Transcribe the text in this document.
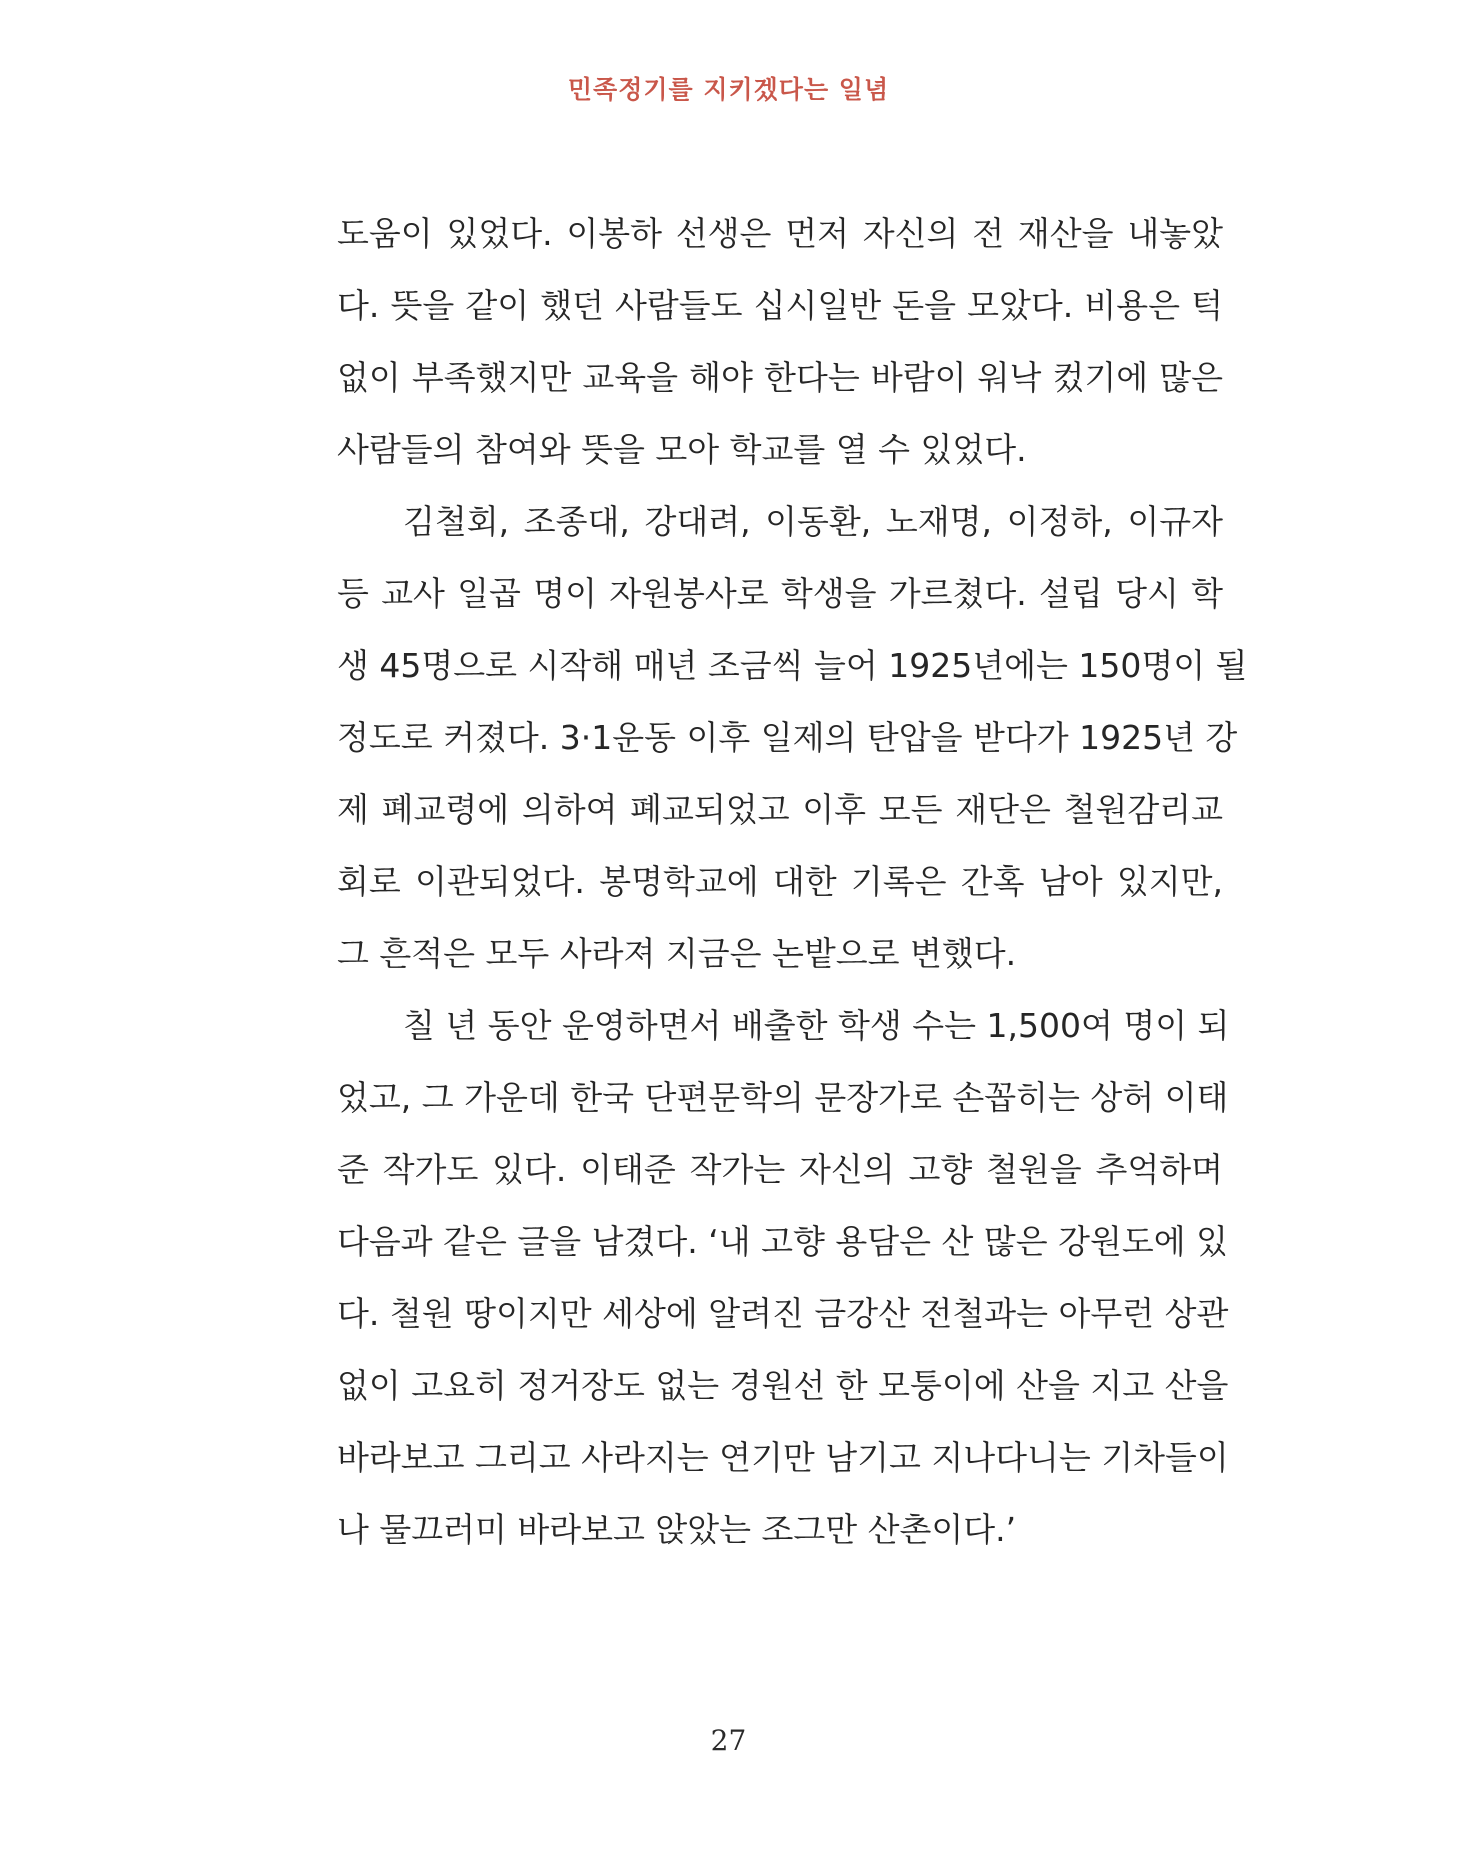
민족정기를 지키겠다는 일념
도움이 있었다. 이봉하 선생은 먼저 자신의 전 재산을 내놓았
다. 뜻을 같이 했던 사람들도 십시일반 돈을 모았다. 비용은 턱
없이 부족했지만 교육을 해야 한다는 바람이 워낙 컸기에 많은
사람들의 참여와 뜻을 모아 학교를 열 수 있었다.
김철회, 조종대, 강대려, 이동환, 노재명, 이정하, 이규자
등 교사 일곱 명이 자원봉사로 학생을 가르쳤다. 설립 당시 학
생 45명으로 시작해 매년 조금씩 늘어 1925년에는 150명이 될
정도로 커졌다. 3·1운동 이후 일제의 탄압을 받다가 1925년 강
제 폐교령에 의하여 폐교되었고 이후 모든 재단은 철원감리교
회로 이관되었다. 봉명학교에 대한 기록은 간혹 남아 있지만,
그 흔적은 모두 사라져 지금은 논밭으로 변했다.
칠 년 동안 운영하면서 배출한 학생 수는 1,500여 명이 되
었고, 그 가운데 한국 단편문학의 문장가로 손꼽히는 상허 이태
준 작가도 있다. 이태준 작가는 자신의 고향 철원을 추억하며
다음과 같은 글을 남겼다. ‘내 고향 용담은 산 많은 강원도에 있
다. 철원 땅이지만 세상에 알려진 금강산 전철과는 아무런 상관
없이 고요히 정거장도 없는 경원선 한 모퉁이에 산을 지고 산을
바라보고 그리고 사라지는 연기만 남기고 지나다니는 기차들이
나 물끄러미 바라보고 앉았는 조그만 산촌이다.’
27
